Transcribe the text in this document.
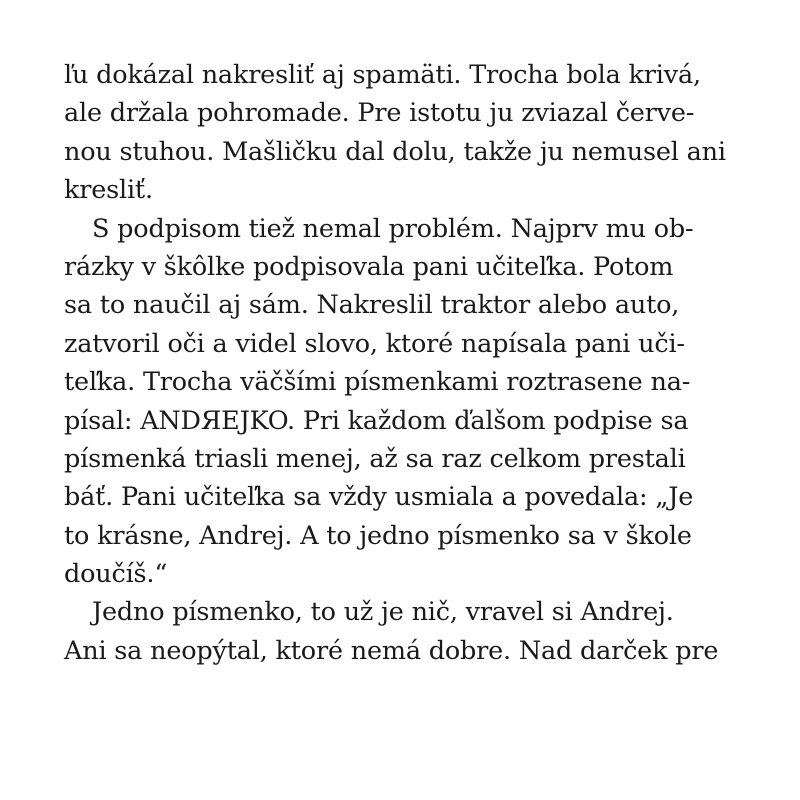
ľu dokázal nakresliť aj spamäti. Trocha bola krivá,
ale držala pohromade. Pre istotu ju zviazal červe-
nou stuhou. Mašličku dal dolu, takže ju nemusel ani
kresliť.
S podpisom tiež nemal problém. Najprv mu ob-
rázky v škôlke podpisovala pani učiteľka. Potom
sa to naučil aj sám. Nakreslil traktor alebo auto,
zatvoril oči a videl slovo, ktoré napísala pani uči-
teľka. Trocha väčšími písmenkami roztrasene na-
písal: ANDЯEJKO. Pri každom ďalšom podpise sa
písmenká triasli menej, až sa raz celkom prestali
báť. Pani učiteľka sa vždy usmiala a povedala: „Je
to krásne, Andrej. A to jedno písmenko sa v škole
doučíš.“
Jedno písmenko, to už je nič, vravel si Andrej.
Ani sa neopýtal, ktoré nemá dobre. Nad darček pre
